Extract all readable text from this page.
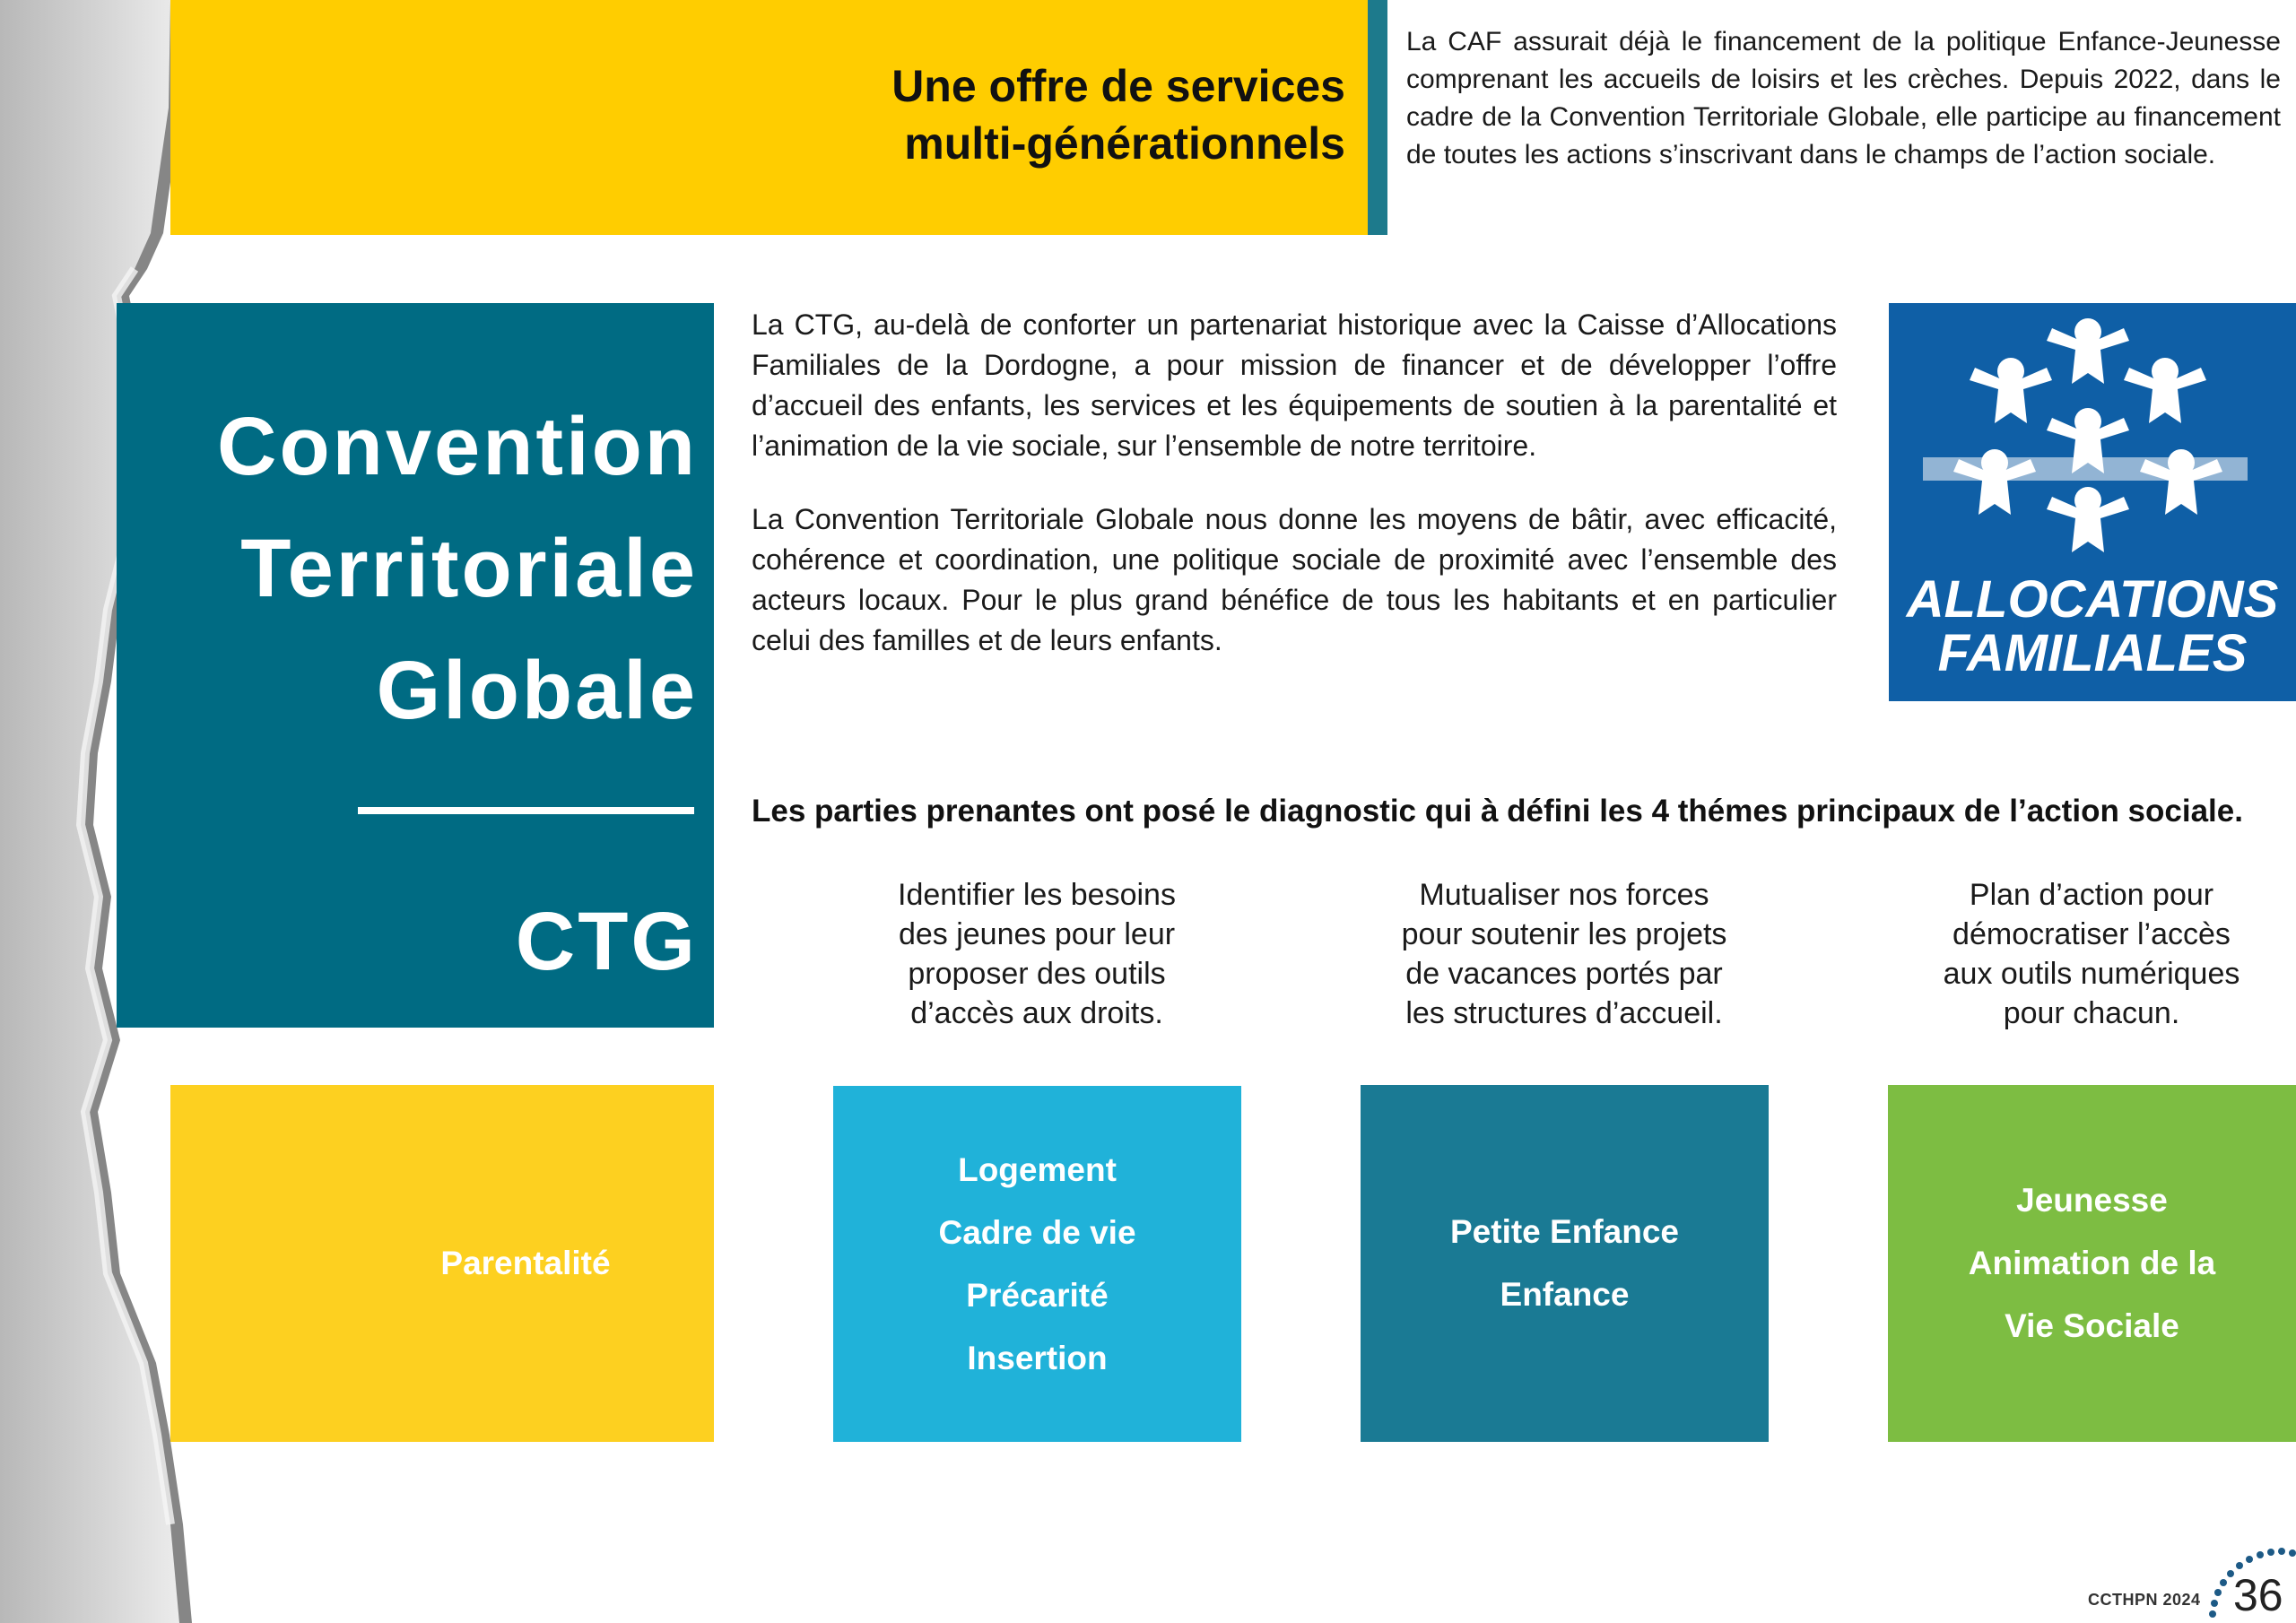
Une offre de services
multi-générationnels
La CAF assurait déjà le financement de la politique Enfance-Jeunesse comprenant les accueils de loisirs et les crèches. Depuis 2022, dans le cadre de la Convention Territoriale Globale, elle participe au financement de toutes les actions s’inscrivant dans le champs de l’action sociale.
Convention
Territoriale
Globale
CTG
La CTG, au-delà de conforter un partenariat historique avec la Caisse d’Allocations Familiales de la Dordogne, a pour mission de financer et de développer l’offre d’accueil des enfants, les services et les équipements de soutien à la parentalité et l’animation de la vie sociale, sur l’ensemble de notre territoire.
La Convention Territoriale Globale nous donne les moyens de bâtir, avec efficacité, cohérence et coordination, une politique sociale de proximité avec l’ensemble des acteurs locaux. Pour le plus grand bénéfice de tous les habitants et en particulier celui des familles et de leurs enfants.
ALLOCATIONS
FAMILIALES
Les parties prenantes ont posé le diagnostic qui à défini les 4 thémes principaux de l’action sociale.
Identifier les besoins
des jeunes pour leur
proposer des outils
d’accès aux droits.
Mutualiser nos forces
pour soutenir les projets
de vacances portés par
les structures d’accueil.
Plan d’action pour
démocratiser l’accès
aux outils numériques
pour chacun.
Parentalité
Logement
Cadre de vie
Précarité
Insertion
Petite Enfance
Enfance
Jeunesse
Animation de la
Vie Sociale
CCTHPN 2024 36
